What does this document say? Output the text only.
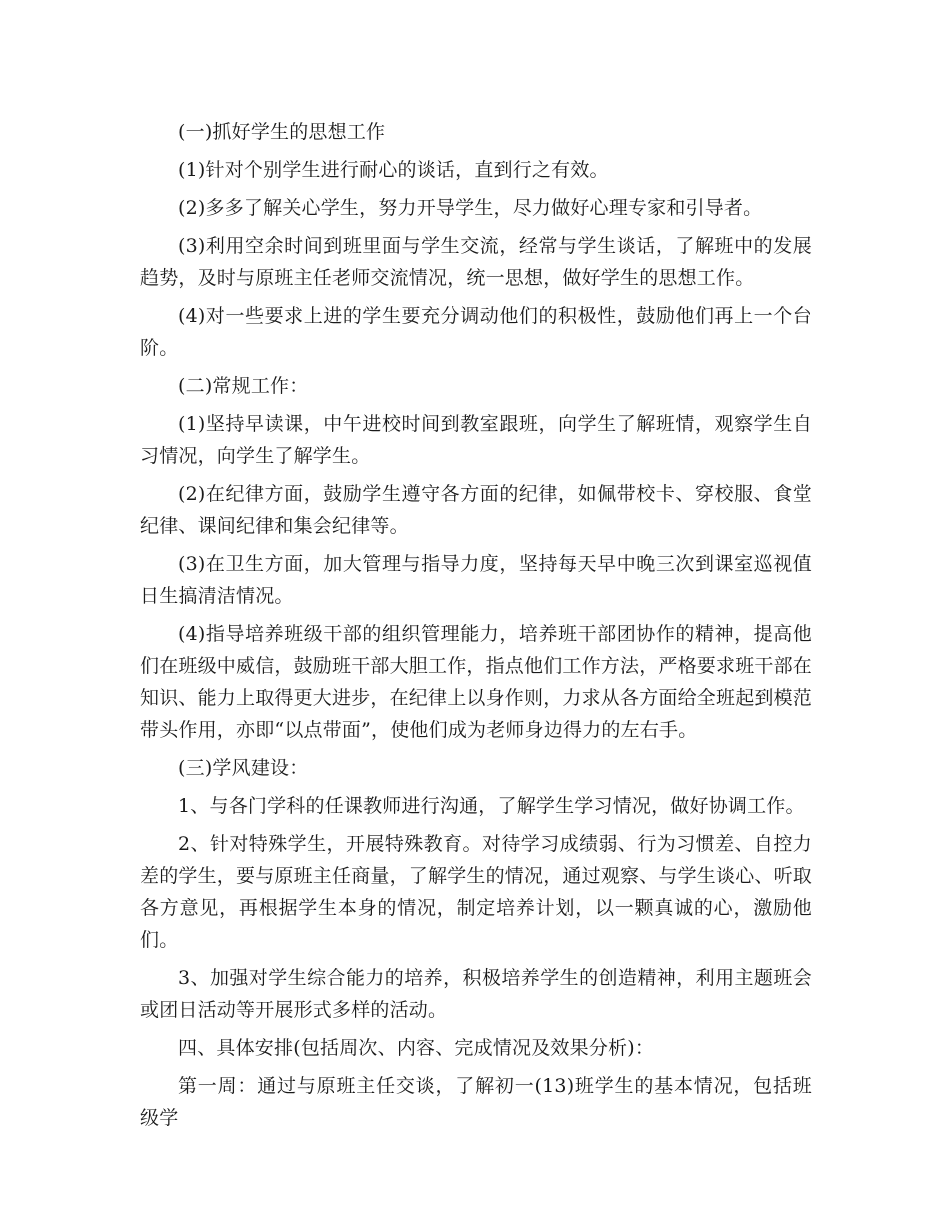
(一)抓好学生的思想工作

(1)针对个别学生进行耐心的谈话，直到行之有效。

(2)多多了解关心学生，努力开导学生，尽力做好心理专家和引导者。

(3)利用空余时间到班里面与学生交流，经常与学生谈话，了解班中的发展趋势，及时与原班主任老师交流情况，统一思想，做好学生的思想工作。

(4)对一些要求上进的学生要充分调动他们的积极性，鼓励他们再上一个台阶。

(二)常规工作：

(1)坚持早读课，中午进校时间到教室跟班，向学生了解班情，观察学生自习情况，向学生了解学生。

(2)在纪律方面，鼓励学生遵守各方面的纪律，如佩带校卡、穿校服、食堂纪律、课间纪律和集会纪律等。

(3)在卫生方面，加大管理与指导力度，坚持每天早中晚三次到课室巡视值日生搞清洁情况。

(4)指导培养班级干部的组织管理能力，培养班干部团协作的精神，提高他们在班级中威信，鼓励班干部大胆工作，指点他们工作方法，严格要求班干部在知识、能力上取得更大进步，在纪律上以身作则，力求从各方面给全班起到模范带头作用，亦即“以点带面”，使他们成为老师身边得力的左右手。

(三)学风建设：

1、与各门学科的任课教师进行沟通，了解学生学习情况，做好协调工作。

2、针对特殊学生，开展特殊教育。对待学习成绩弱、行为习惯差、自控力差的学生，要与原班主任商量，了解学生的情况，通过观察、与学生谈心、听取各方意见，再根据学生本身的情况，制定培养计划，以一颗真诚的心，激励他们。

3、加强对学生综合能力的培养，积极培养学生的创造精神，利用主题班会或团日活动等开展形式多样的活动。

四、具体安排(包括周次、内容、完成情况及效果分析)：

第一周：通过与原班主任交谈，了解初一(13)班学生的基本情况，包括班级学
